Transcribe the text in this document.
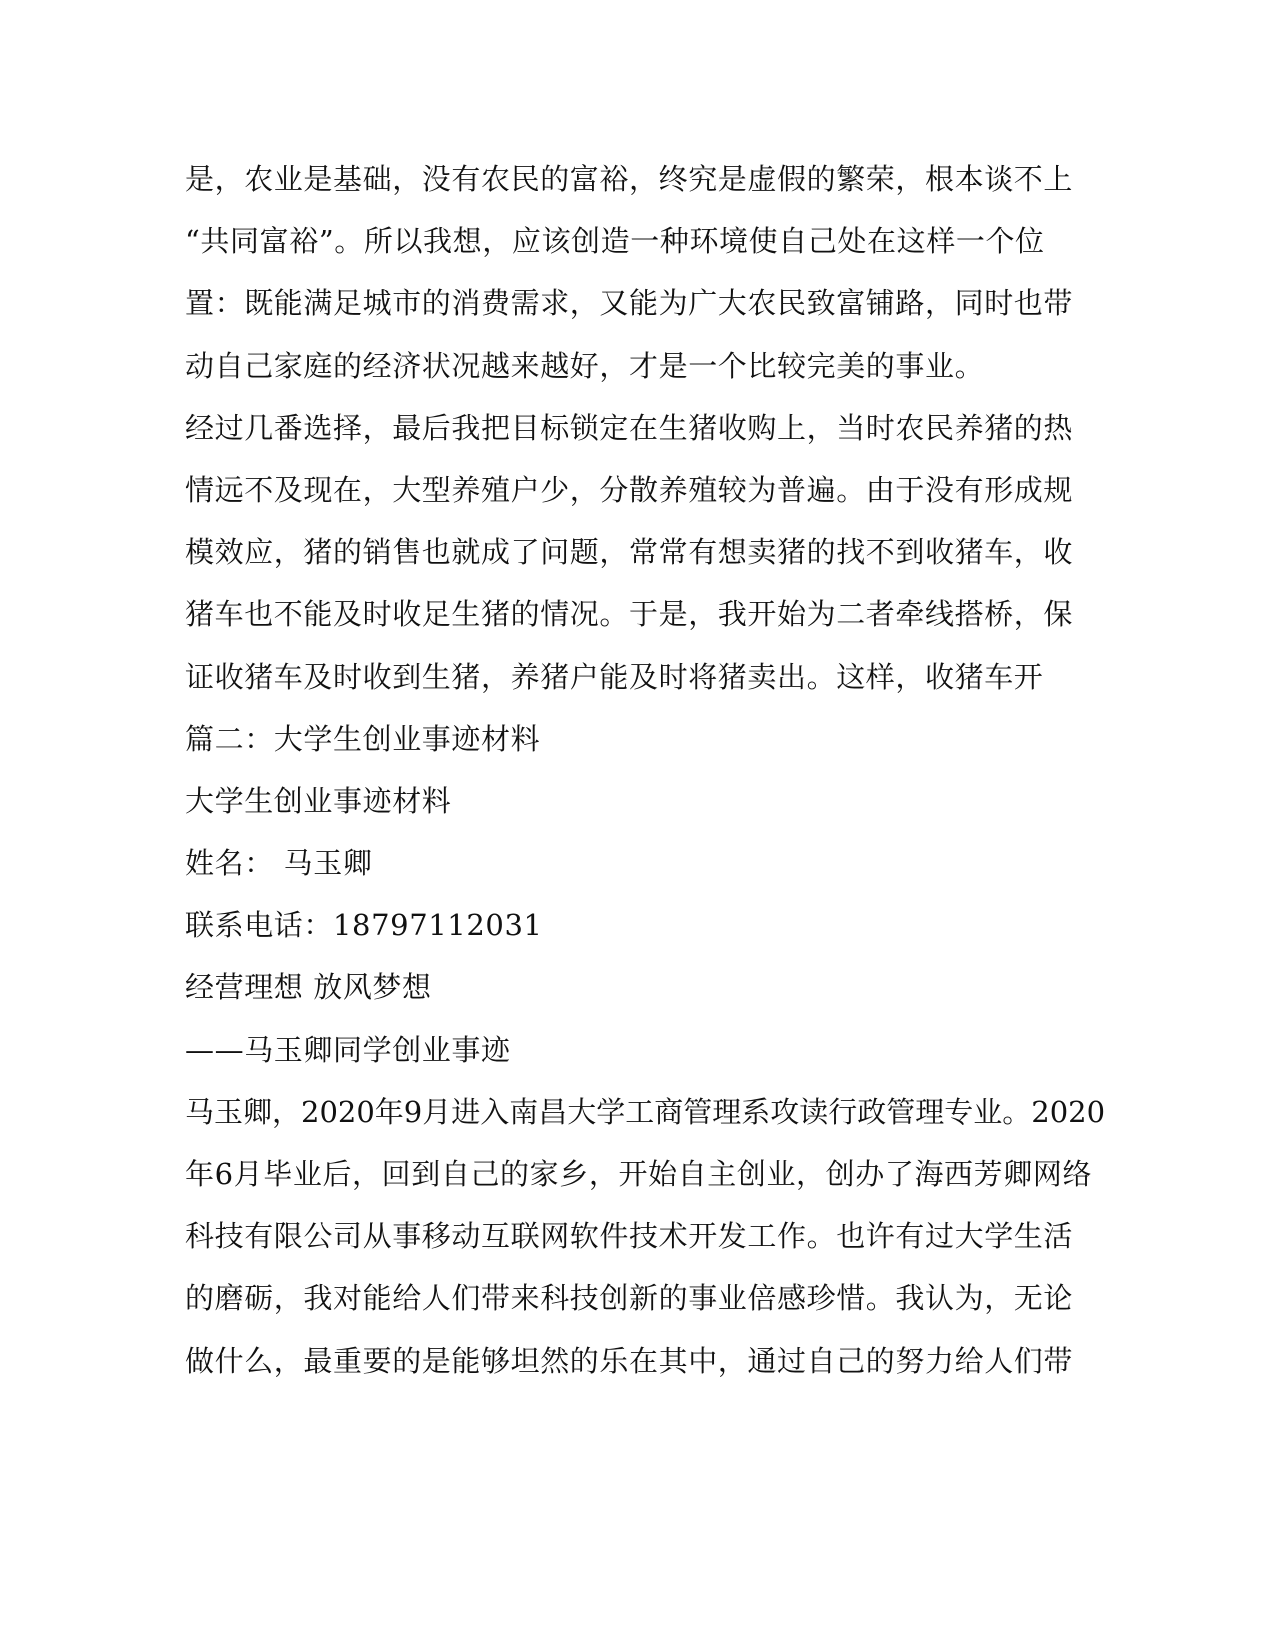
是，农业是基础，没有农民的富裕，终究是虚假的繁荣，根本谈不上
“共同富裕”。所以我想，应该创造一种环境使自己处在这样一个位
置：既能满足城市的消费需求，又能为广大农民致富铺路，同时也带
动自己家庭的经济状况越来越好，才是一个比较完美的事业。
经过几番选择，最后我把目标锁定在生猪收购上，当时农民养猪的热
情远不及现在，大型养殖户少，分散养殖较为普遍。由于没有形成规
模效应，猪的销售也就成了问题，常常有想卖猪的找不到收猪车，收
猪车也不能及时收足生猪的情况。于是，我开始为二者牵线搭桥，保
证收猪车及时收到生猪，养猪户能及时将猪卖出。这样，收猪车开
篇二：大学生创业事迹材料
大学生创业事迹材料
姓名： 马玉卿
联系电话：18797112031
经营理想 放风梦想
——马玉卿同学创业事迹
马玉卿，2020年9月进入南昌大学工商管理系攻读行政管理专业。2020
年6月毕业后，回到自己的家乡，开始自主创业，创办了海西芳卿网络
科技有限公司从事移动互联网软件技术开发工作。也许有过大学生活
的磨砺，我对能给人们带来科技创新的事业倍感珍惜。我认为，无论
做什么，最重要的是能够坦然的乐在其中，通过自己的努力给人们带
